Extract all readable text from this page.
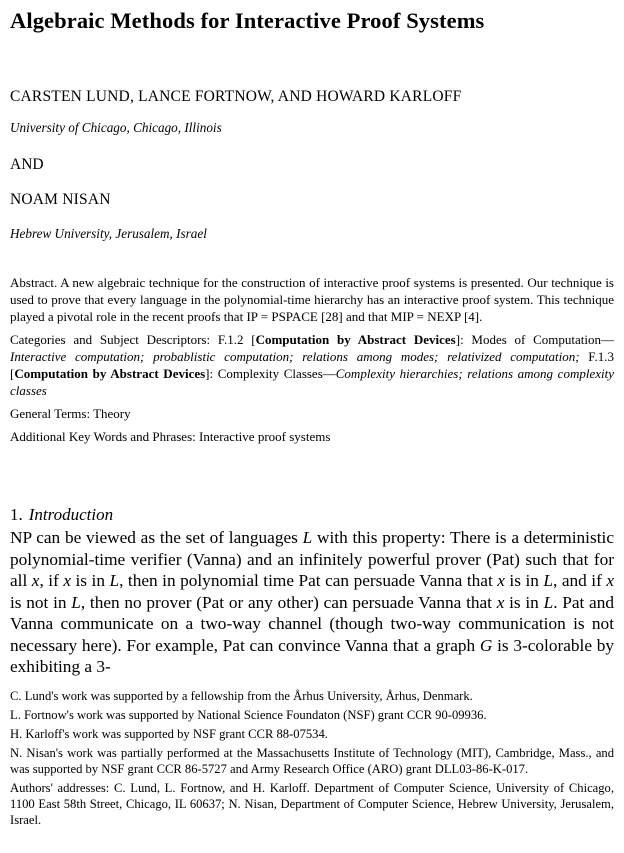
Algebraic Methods for Interactive Proof Systems
CARSTEN LUND, LANCE FORTNOW, AND HOWARD KARLOFF
University of Chicago, Chicago, Illinois
AND
NOAM NISAN
Hebrew University, Jerusalem, Israel

Abstract. A new algebraic technique for the construction of interactive proof systems is presented. Our technique is used to prove that every language in the polynomial-time hierarchy has an interactive proof system. This technique played a pivotal role in the recent proofs that IP = PSPACE [28] and that MIP = NEXP [4].

Categories and Subject Descriptors: F.1.2 [Computation by Abstract Devices]: Modes of Computation—Interactive computation; probablistic computation; relations among modes; relativized computation; F.1.3 [Computation by Abstract Devices]: Complexity Classes—Complexity hierarchies; relations among complexity classes

General Terms: Theory

Additional Key Words and Phrases: Interactive proof systems

1. Introduction
NP can be viewed as the set of languages L with this property: There is a deterministic polynomial-time verifier (Vanna) and an infinitely powerful prover (Pat) such that for all x, if x is in L, then in polynomial time Pat can persuade Vanna that x is in L, and if x is not in L, then no prover (Pat or any other) can persuade Vanna that x is in L. Pat and Vanna communicate on a two-way channel (though two-way communication is not necessary here). For example, Pat can convince Vanna that a graph G is 3-colorable by exhibiting a 3-

C. Lund's work was supported by a fellowship from the Århus University, Århus, Denmark.

L. Fortnow's work was supported by National Science Foundaton (NSF) grant CCR 90-09936.

H. Karloff's work was supported by NSF grant CCR 88-07534.

N. Nisan's work was partially performed at the Massachusetts Institute of Technology (MIT), Cambridge, Mass., and was supported by NSF grant CCR 86-5727 and Army Research Office (ARO) grant DLL03-86-K-017.

Authors' addresses: C. Lund, L. Fortnow, and H. Karloff. Department of Computer Science, University of Chicago, 1100 East 58th Street, Chicago, IL 60637; N. Nisan, Department of Computer Science, Hebrew University, Jerusalem, Israel.
